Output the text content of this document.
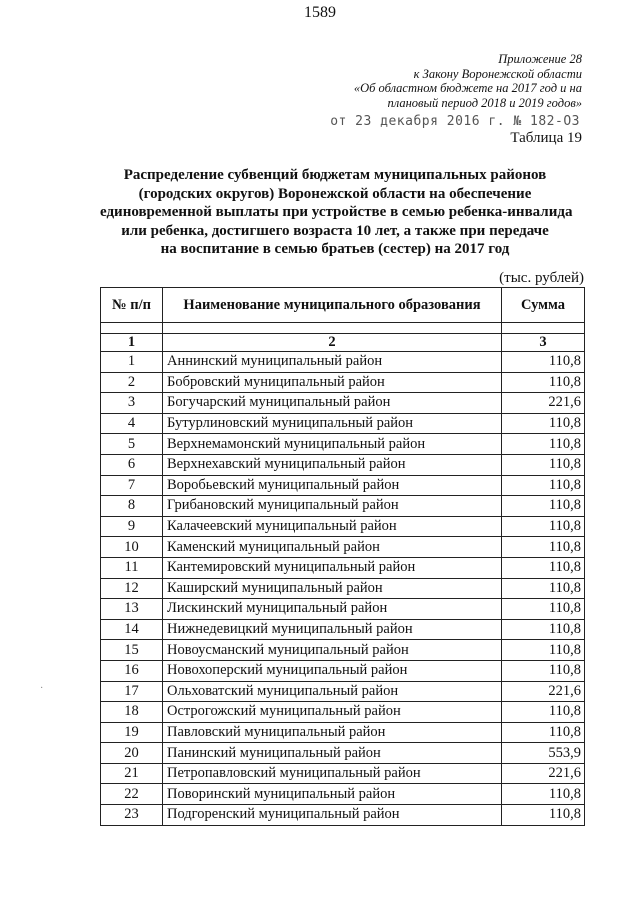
1589
Приложение 28
к Закону Воронежской области
«Об областном бюджете на 2017 год и на
плановый период 2018 и 2019 годов»
от 23 декабря 2016 г. № 182-ОЗ
Таблица 19
Распределение субвенций бюджетам муниципальных районов
(городских округов) Воронежской области на обеспечение
единовременной выплаты при устройстве в семью ребенка-инвалида
или ребенка, достигшего возраста 10 лет, а также при передаче
на воспитание в семью братьев (сестер) на 2017 год
(тыс. рублей)
№ п/п	Наименование муниципального образования	Сумма

1	2	3
1	Аннинский муниципальный район	110,8
2	Бобровский муниципальный район	110,8
3	Богучарский муниципальный район	221,6
4	Бутурлиновский муниципальный район	110,8
5	Верхнемамонский муниципальный район	110,8
6	Верхнехавский муниципальный район	110,8
7	Воробьевский муниципальный район	110,8
8	Грибановский муниципальный район	110,8
9	Калачеевский муниципальный район	110,8
10	Каменский муниципальный район	110,8
11	Кантемировский муниципальный район	110,8
12	Каширский муниципальный район	110,8
13	Лискинский муниципальный район	110,8
14	Нижнедевицкий муниципальный район	110,8
15	Новоусманский муниципальный район	110,8
16	Новохоперский муниципальный район	110,8
17	Ольховатский муниципальный район	221,6
18	Острогожский муниципальный район	110,8
19	Павловский муниципальный район	110,8
20	Панинский муниципальный район	553,9
21	Петропавловский муниципальный район	221,6
22	Поворинский муниципальный район	110,8
23	Подгоренский муниципальный район	110,8
·
